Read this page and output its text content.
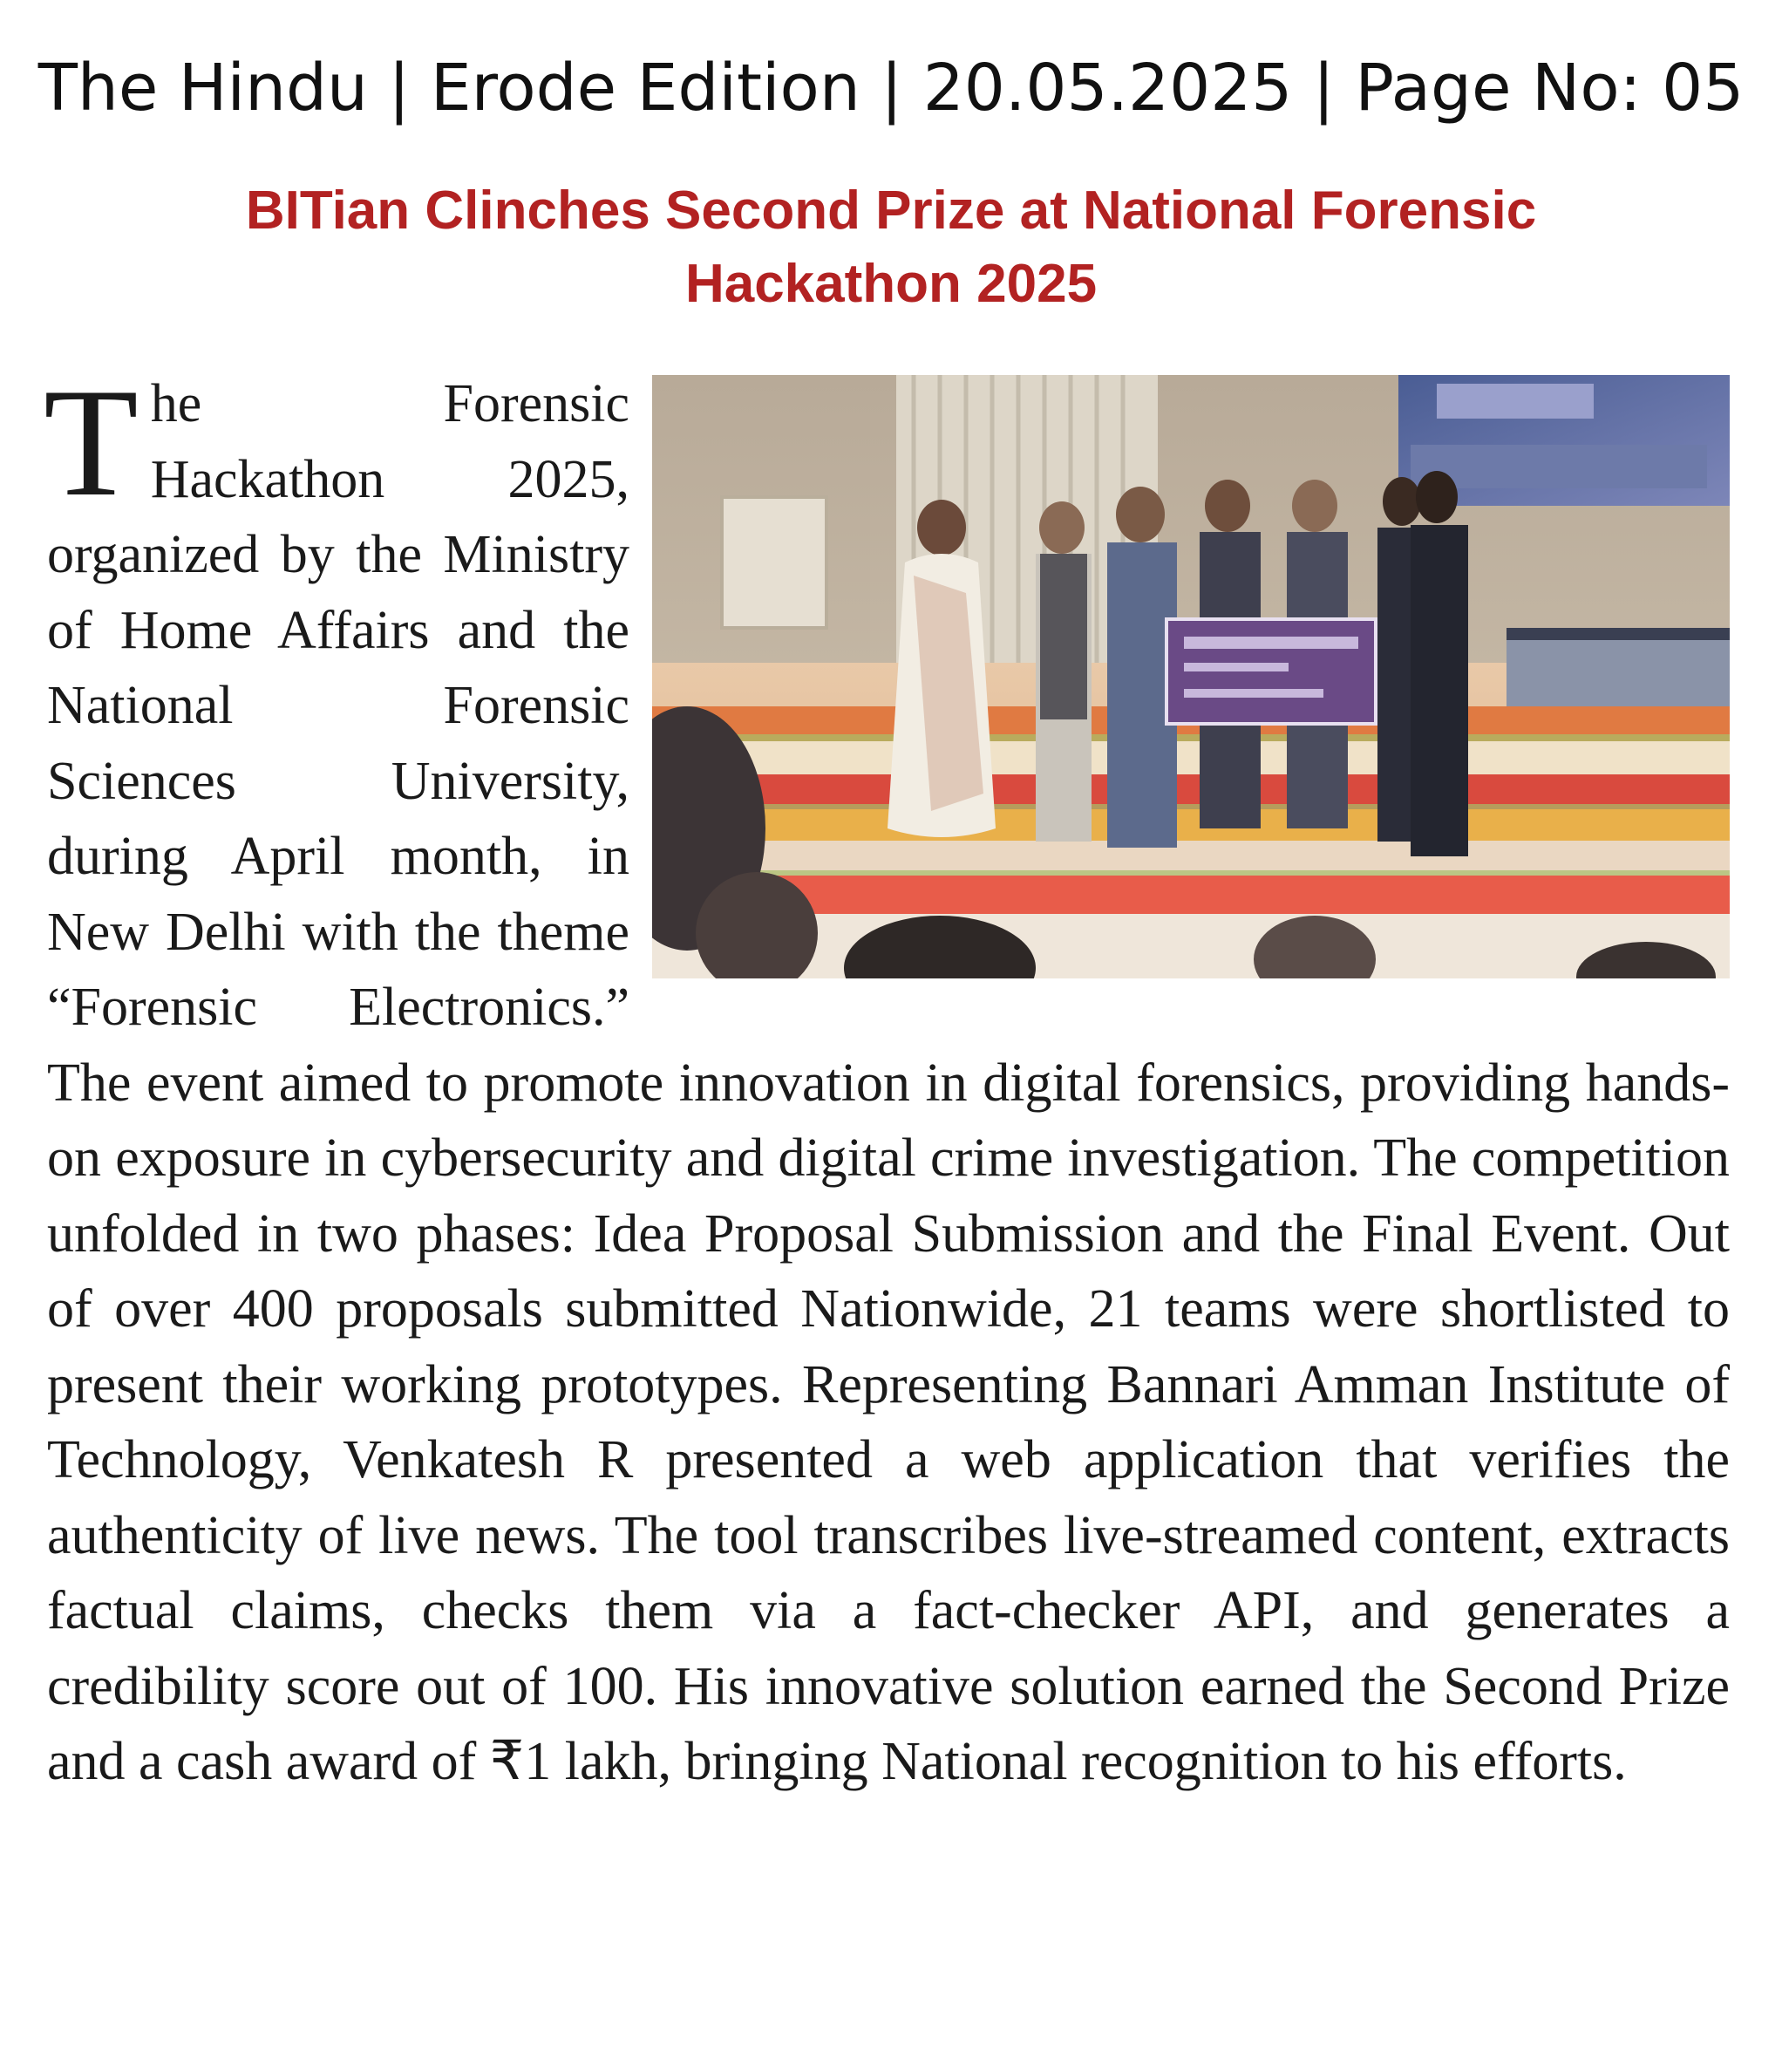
The Hindu | Erode Edition | 20.05.2025 | Page No: 05
BITian Clinches Second Prize at National Forensic
Hackathon 2025
The Forensic Hackathon 2025, organized by the Ministry of Home Affairs and the National Forensic Sciences University, during April month, in New Delhi with the theme “Forensic Electronics.” The event aimed to promote innovation in digital forensics, providing hands-on exposure in cybersecurity and digital crime investigation. The competition unfolded in two phases: Idea Proposal Submission and the Final Event. Out of over 400 proposals submitted Nationwide, 21 teams were shortlisted to present their working prototypes. Representing Bannari Amman Institute of Technology, Venkatesh R presented a web application that verifies the authenticity of live news. The tool transcribes live-streamed content, extracts factual claims, checks them via a fact-checker API, and generates a credibility score out of 100. His innovative solution earned the Second Prize and a cash award of ₹1 lakh, bringing National recognition to his efforts.
